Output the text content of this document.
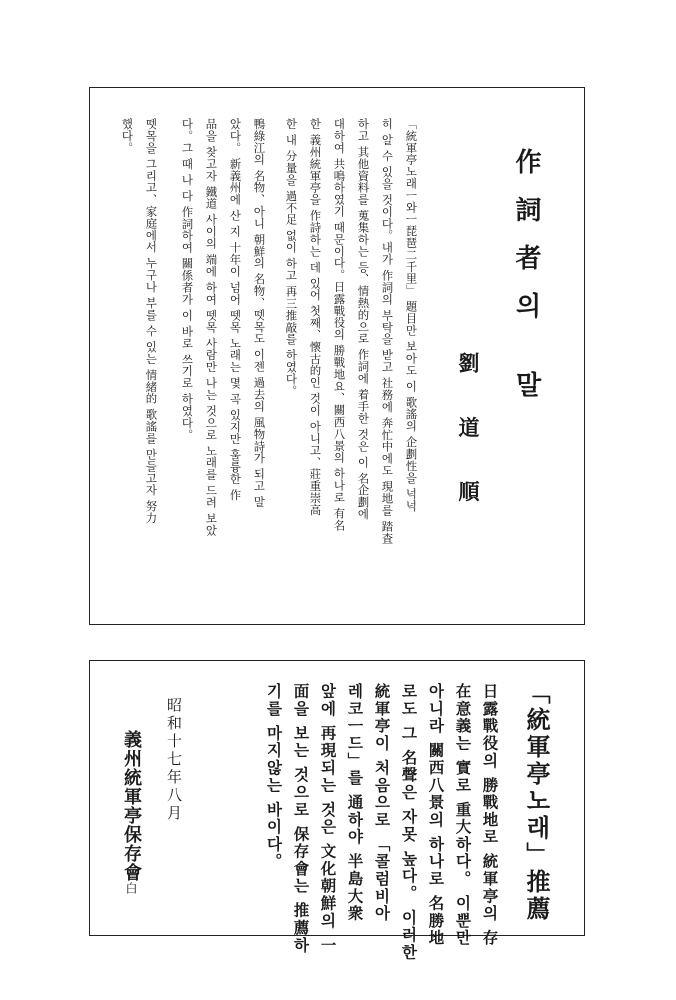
作詞者의 말
劉 道 順
「統軍亭노래ㅡ와ㅡ琵琶二千里」 題目만 보아도 이 歌謠의 企劃性을 넉넉
히 알 수 있을 것이다。내가 作詞의 부탁을 받고 社務에 奔忙中에도 現地를 踏査
하고 其他資料를 蒐集하는 등、情熱的으로 作詞에 着手한 것은 이 名企劃에
대하여 共鳴하였기 때문이다。日露戰役의 勝戰地요、關西八景의 하나로 有名
한 義州統軍亭을 作詩하는 데 있어 첫째、懷古的인 것이 아니고、莊重崇高
한 내 分量을 過不足 없이 하고 再三推敲를 하였다。
鴨綠江의 名物、아니 朝鮮의 名物、뗏목도 이젠 過去의 風物詩가 되고 말
았다。 新義州에 산 지 十年이 넘어 뗏목 노래는 몇 곡 있지만 훌륭한 作
品을 찾고자 鐵道 사이의 端에 하여 뗏목 사람만 나는 것으로 노래를 드려 보았
다。그 때 나 다 作詞하여 關係者가 이 바로 쓰기로 하였다。
뗏목을 그리고、家庭에서 누구나 부를 수 있는 情緒的 歌謠를 만들고자 努力
했다。
「統軍亭노래」推薦
日露戰役의 勝戰地로 統軍亭의 存
在意義는 實로 重大하다。 이뿐만
아니라 關西八景의 하나로 名勝地
로도 그 名聲은 자못 높다。 이러한
統軍亭이 처음으로 「콜럼비아
레코ㅡ드」를 通하야 半島大衆
앞에 再現되는 것은 文化朝鮮의 一
面을 보는 것으로 保存會는 推薦하
기를 마지않는 바이다。
昭和十七年八月
義州統軍亭保存會白
